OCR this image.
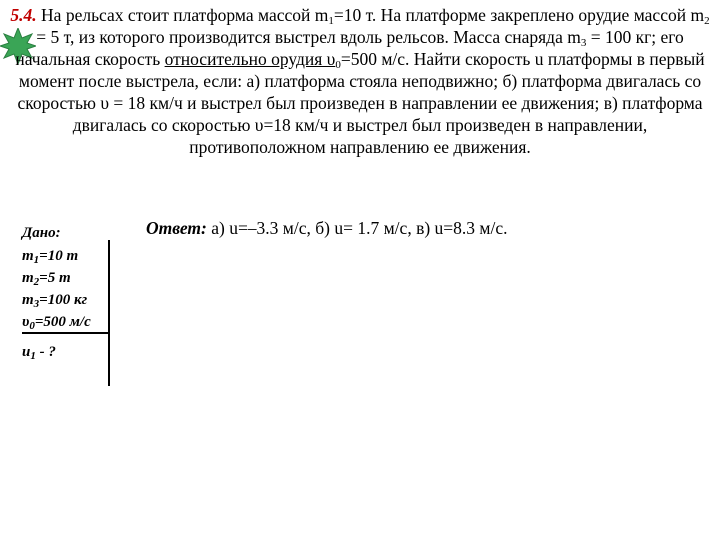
5.4. На рельсах стоит платформа массой $m_1=10$ т. На платформе закреплено орудие массой $m_2 = 5$ т, из которого производится выстрел вдоль рельсов. Масса снаряда $m_3 = 100$ кг; его начальная скорость относительно орудия $\upsilon_0=500$ м/с. Найти скорость u платформы в первый момент после выстрела, если: а) платформа стояла неподвижно; б) платформа двигалась со скоростью υ = 18 км/ч и выстрел был произведен в направлении ее движения; в) платформа двигалась со скоростью υ=18 км/ч и выстрел был произведен в направлении, противоположном направлению ее движения.
Ответ: а) u=–3.3 м/с, б) u= 1.7 м/с, в) u=8.3 м/с.
Дано:
$m_1=10$ т
$m_2=5$ т
$m_3=100$ кг
$\upsilon_0=500$ м/с
$u_1$ - ?
